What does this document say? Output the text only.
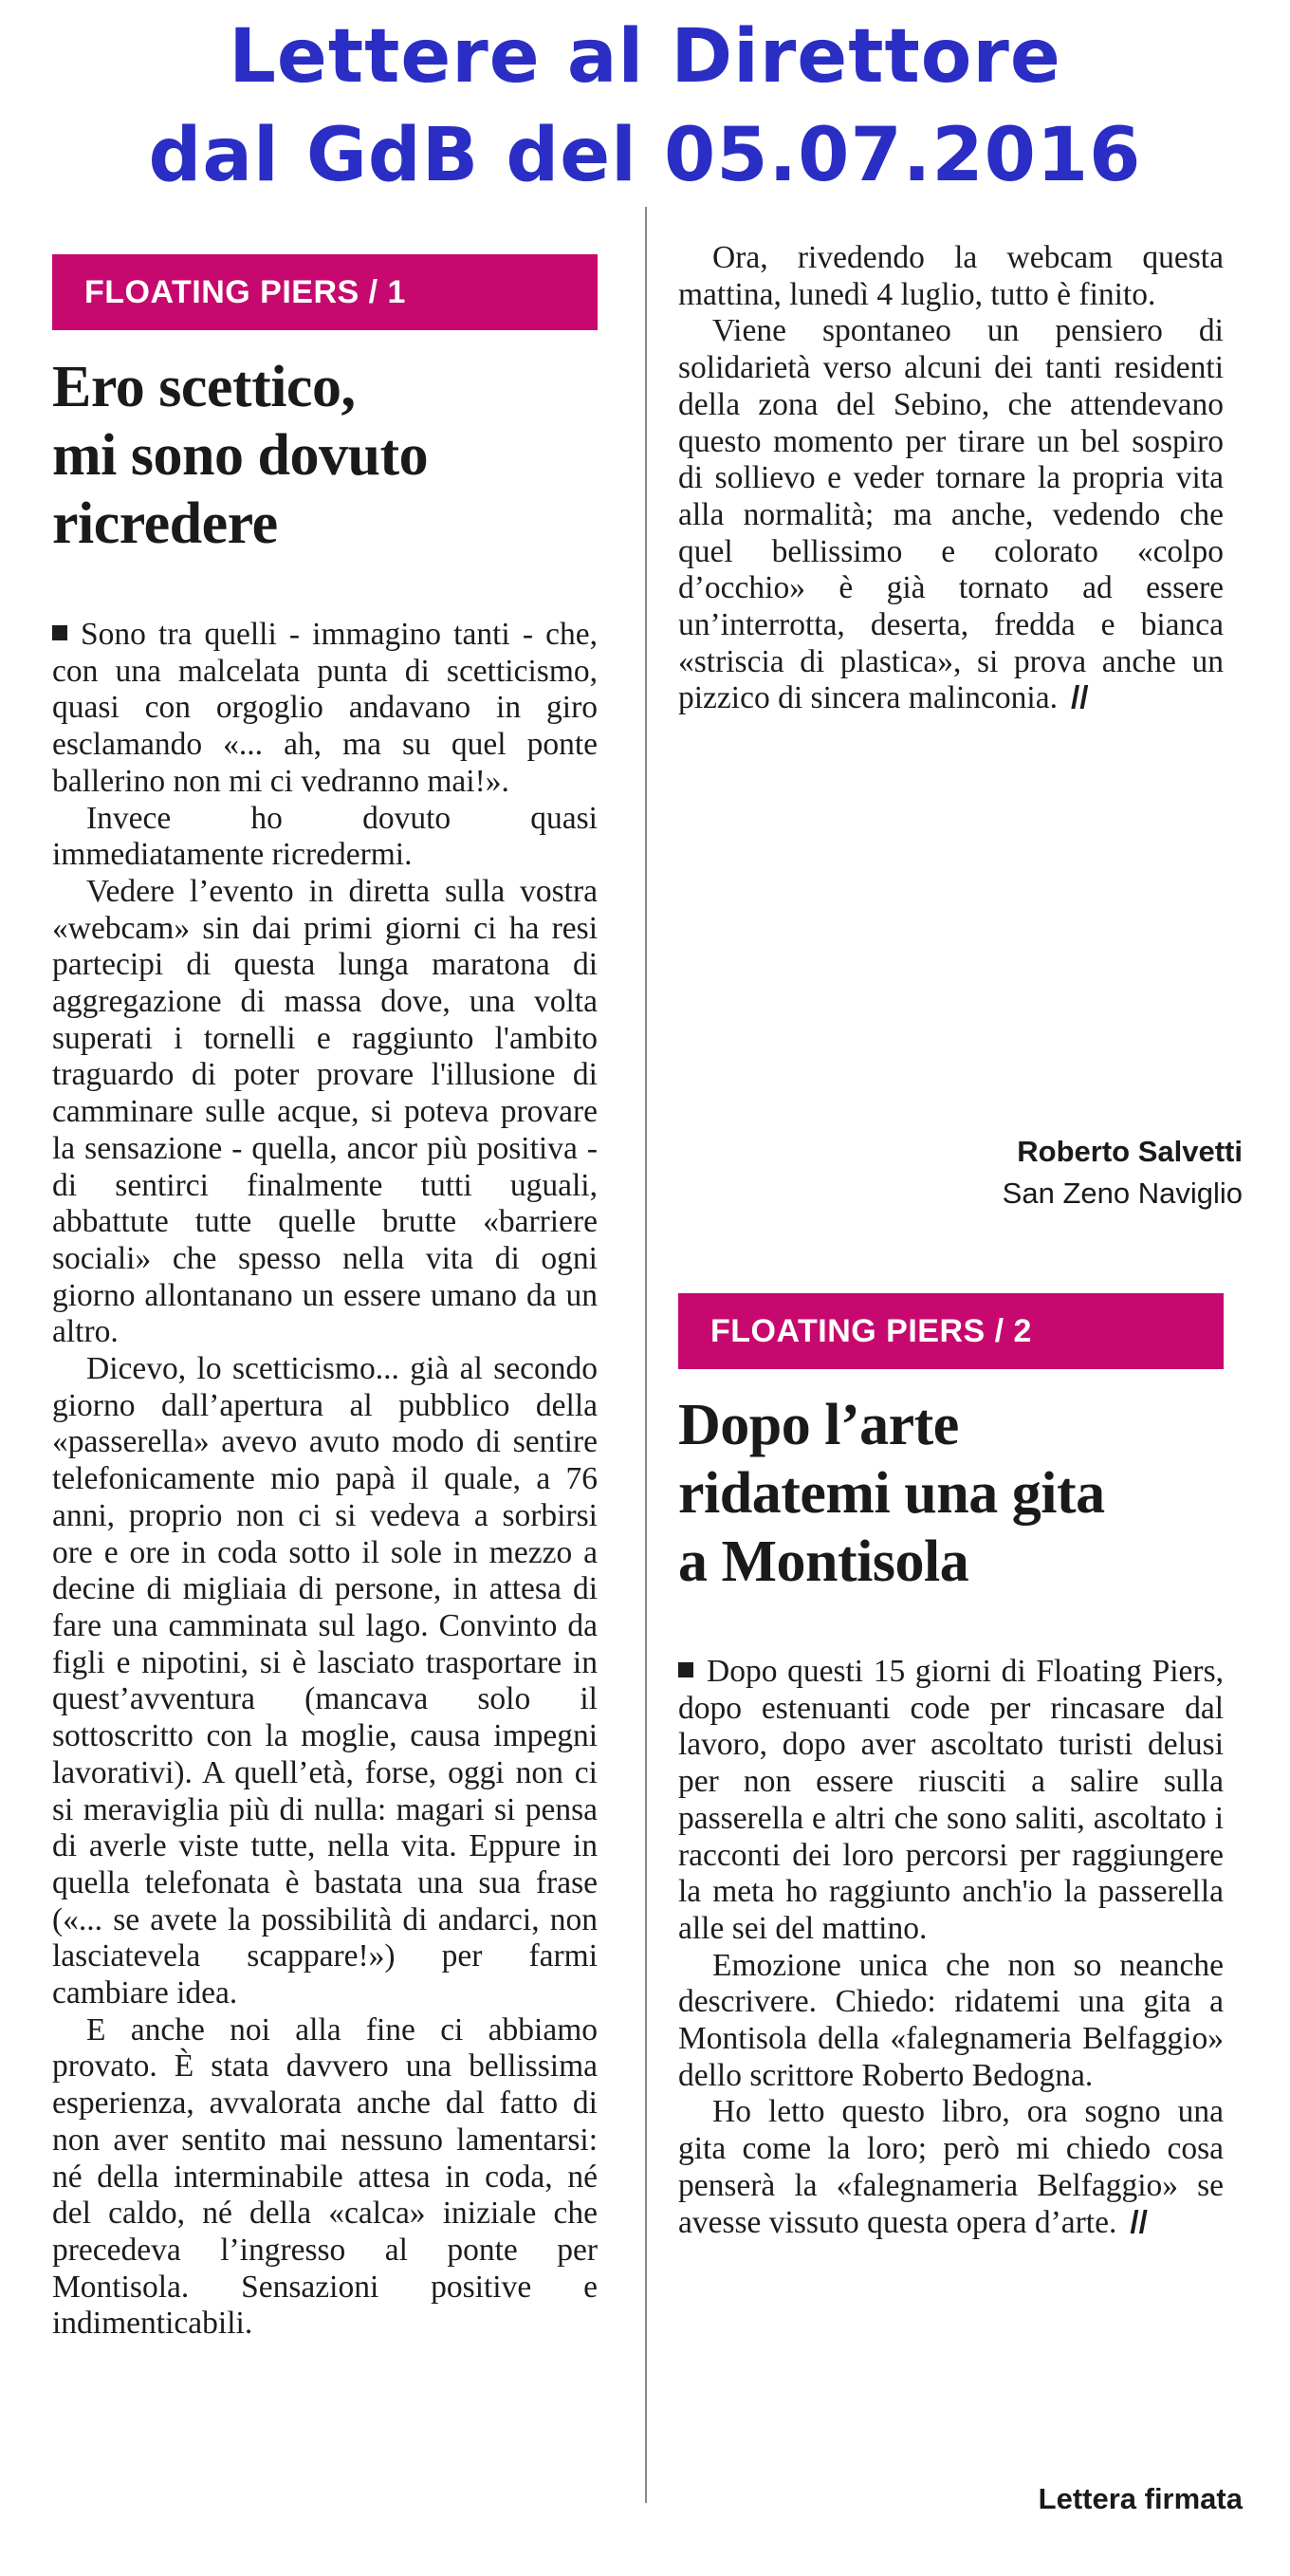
Lettere al Direttore
dal GdB del 05.07.2016
FLOATING PIERS / 1
Ero scettico,
mi sono dovuto
ricredere

Sono tra quelli - immagino tanti - che, con una malcelata punta di scetticismo, quasi con orgoglio andavano in giro esclamando «... ah, ma su quel ponte ballerino non mi ci vedranno mai!».

Invece ho dovuto quasi immediatamente ricredermi.

Vedere l’evento in diretta sulla vostra «webcam» sin dai primi giorni ci ha resi partecipi di questa lunga maratona di aggregazione di massa dove, una volta superati i tornelli e raggiunto l'ambito traguardo di poter provare l'illusione di camminare sulle acque, si poteva provare la sensazione - quella, ancor più positiva - di sentirci finalmente tutti uguali, abbattute tutte quelle brutte «barriere sociali» che spesso nella vita di ogni giorno allontanano un essere umano da un altro.

Dicevo, lo scetticismo... già al secondo giorno dall’apertura al pubblico della «passerella» avevo avuto modo di sentire telefonicamente mio papà il quale, a 76 anni, proprio non ci si vedeva a sorbirsi ore e ore in coda sotto il sole in mezzo a decine di migliaia di persone, in attesa di fare una camminata sul lago. Convinto da figli e nipotini, si è lasciato trasportare in quest’avventura (mancava solo il sottoscritto con la moglie, causa impegni lavorativi). A quell’età, forse, oggi non ci si meraviglia più di nulla: magari si pensa di averle viste tutte, nella vita. Eppure in quella telefonata è bastata una sua frase («... se avete la possibilità di andarci, non lasciatevela scappare!») per farmi cambiare idea.

E anche noi alla fine ci abbiamo provato. È stata davvero una bellissima esperienza, avvalorata anche dal fatto di non aver sentito mai nessuno lamentarsi: né della interminabile attesa in coda, né del caldo, né della «calca» iniziale che precedeva l’ingresso al ponte per Montisola. Sensazioni positive e indimenticabili.

Ora, rivedendo la webcam questa mattina, lunedì 4 luglio, tutto è finito.

Viene spontaneo un pensiero di solidarietà verso alcuni dei tanti residenti della zona del Sebino, che attendevano questo momento per tirare un bel sospiro di sollievo e veder tornare la propria vita alla normalità; ma anche, vedendo che quel bellissimo e colorato «colpo d’occhio» è già tornato ad essere un’interrotta, deserta, fredda e bianca «striscia di plastica», si prova anche un pizzico di sincera malinconia. //

Roberto Salvetti
San Zeno Naviglio
FLOATING PIERS / 2
Dopo l’arte
ridatemi una gita
a Montisola

Dopo questi 15 giorni di Floating Piers, dopo estenuanti code per rincasare dal lavoro, dopo aver ascoltato turisti delusi per non essere riusciti a salire sulla passerella e altri che sono saliti, ascoltato i racconti dei loro percorsi per raggiungere la meta ho raggiunto anch'io la passerella alle sei del mattino.

Emozione unica che non so neanche descrivere. Chiedo: ridatemi una gita a Montisola della «falegnameria Belfaggio» dello scrittore Roberto Bedogna.

Ho letto questo libro, ora sogno una gita come la loro; però mi chiedo cosa penserà la «falegnameria Belfaggio» se avesse vissuto questa opera d’arte. //

Lettera firmata
